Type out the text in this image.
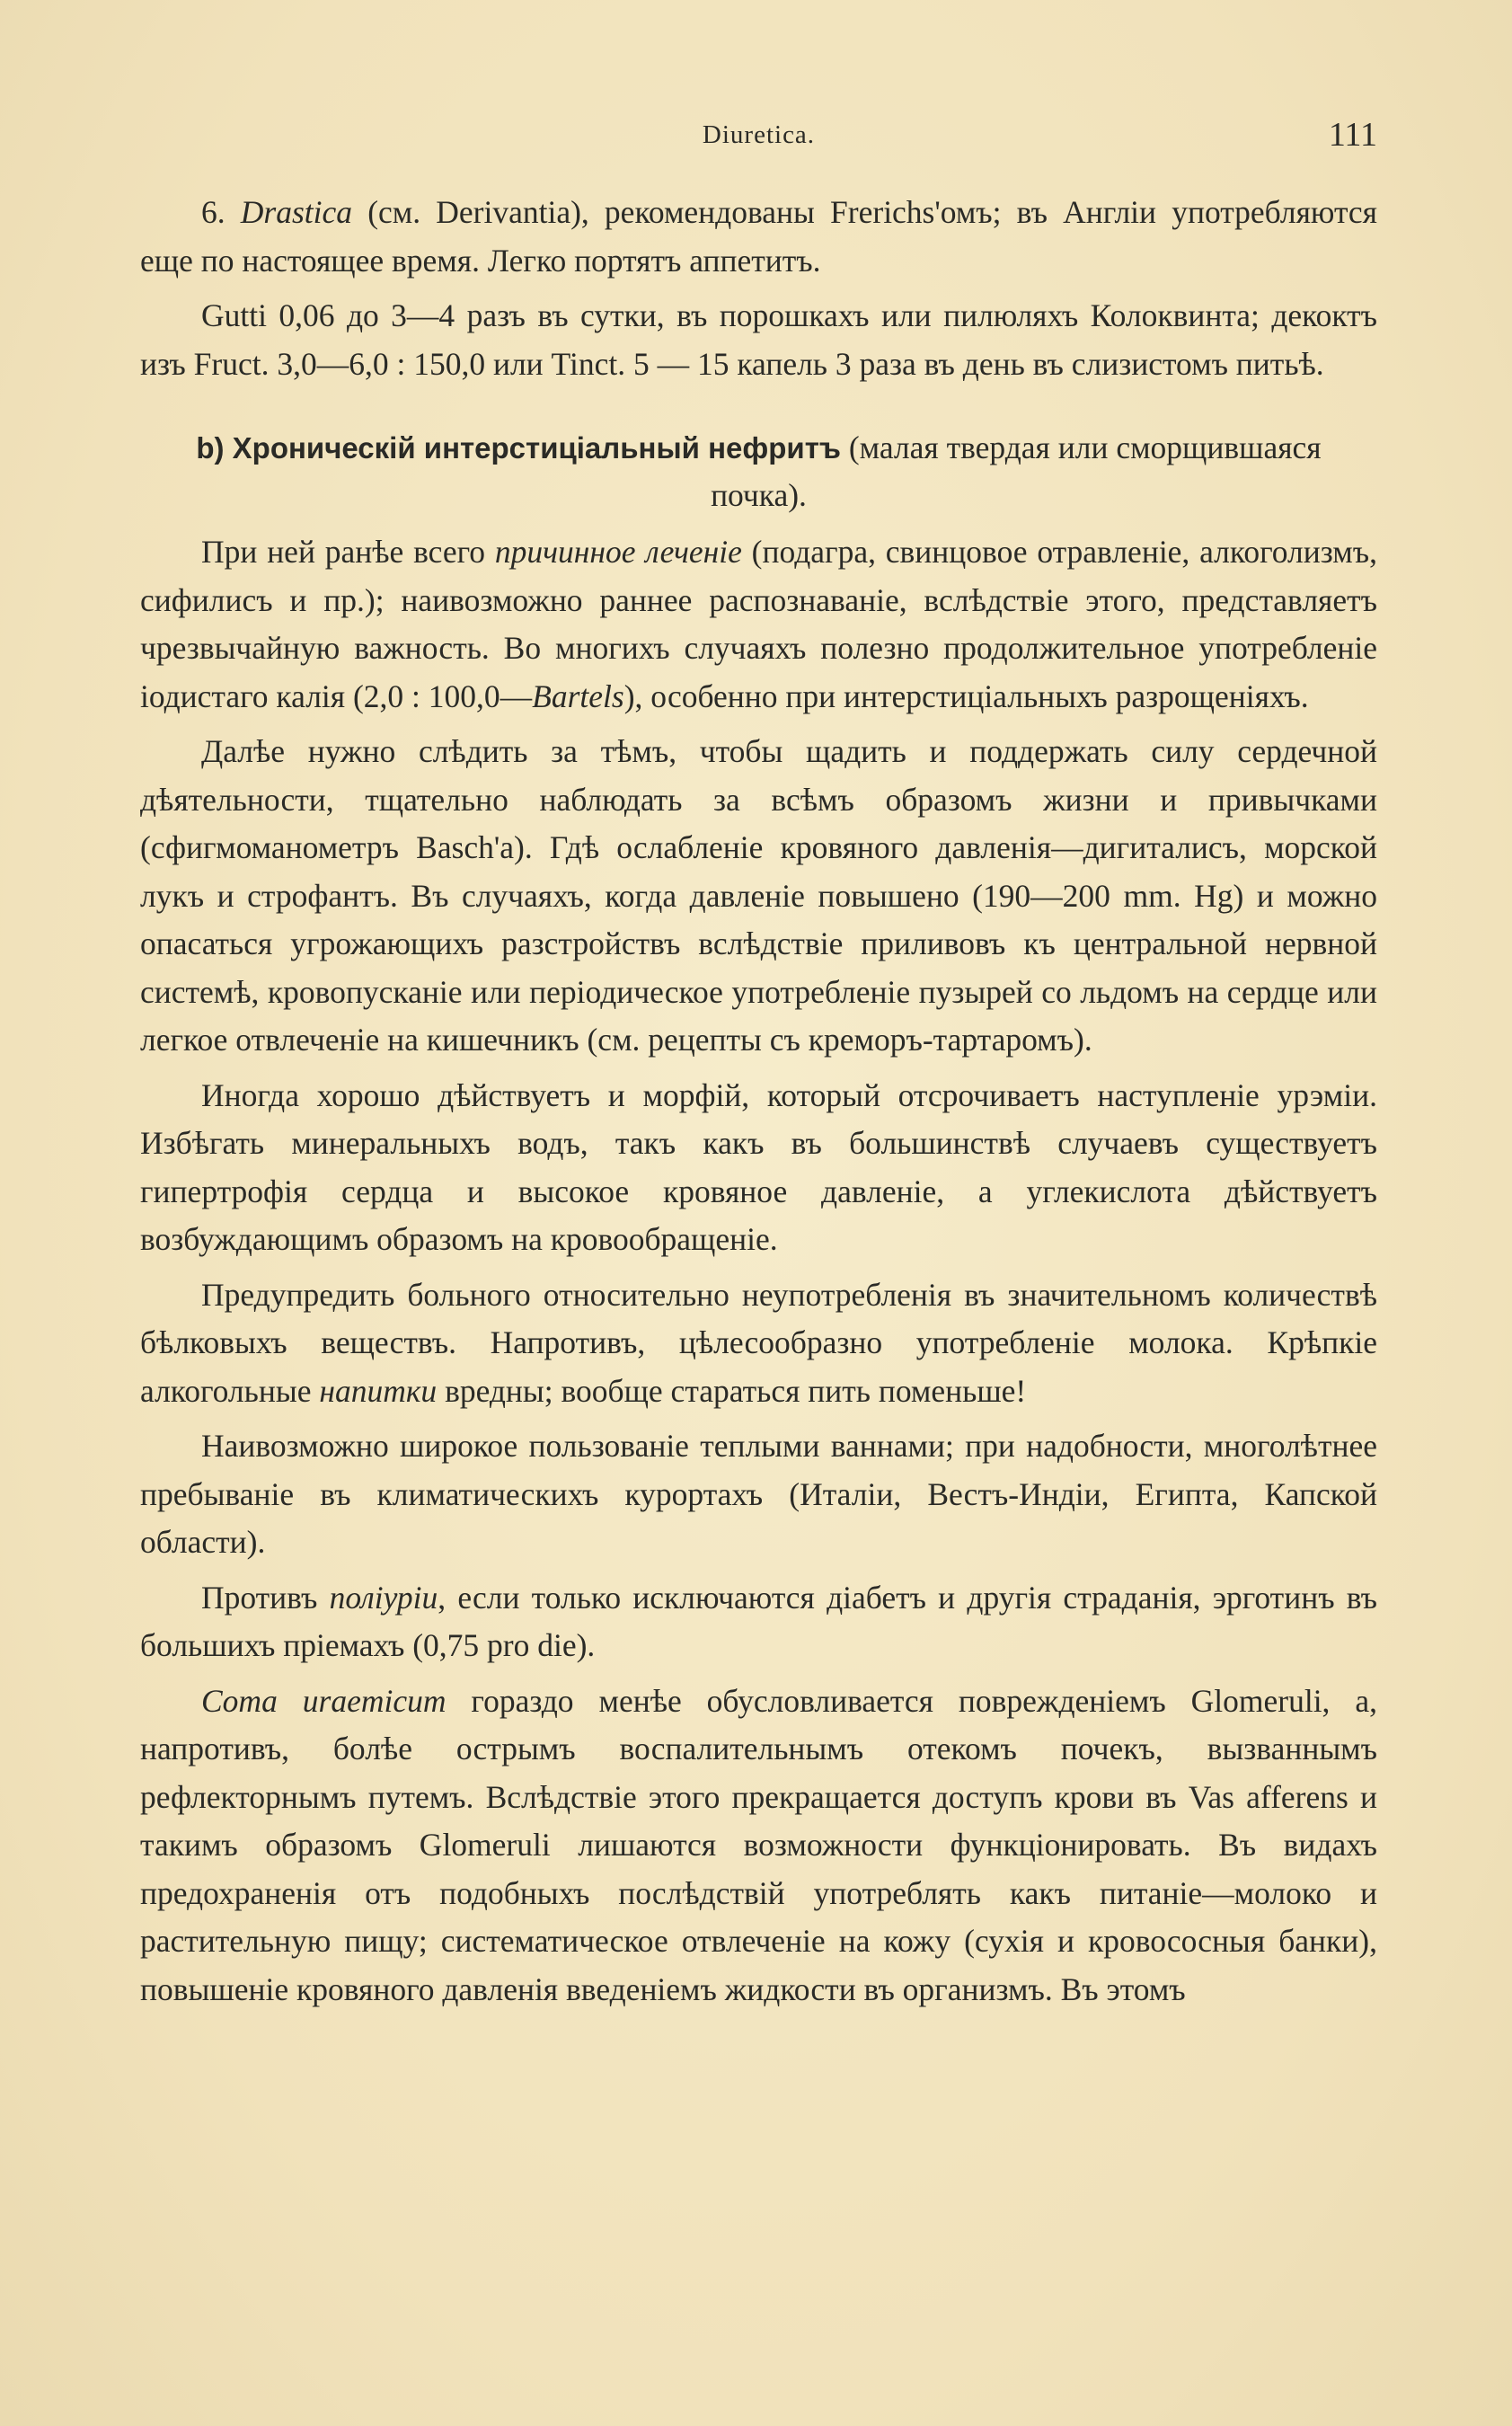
Diuretica.	111

6. Drastica (см. Derivantia), рекомендованы Frerichs'омъ; въ Англіи употребляются еще по настоящее время. Легко портятъ аппетитъ.

Gutti 0,06 до 3—4 разъ въ сутки, въ порошкахъ или пилюляхъ Колоквинта; декоктъ изъ Fruct. 3,0—6,0 : 150,0 или Tinct. 5 — 15 капель 3 раза въ день въ слизистомъ питьѣ.

b) Хроническій интерстиціальный нефритъ (малая твердая или сморщившаяся почка).

При ней ранѣе всего причинное леченіе (подагра, свинцовое отравленіе, алкоголизмъ, сифилисъ и пр.); наивозможно раннее распознаваніе, вслѣдствіе этого, представляетъ чрезвычайную важность. Во многихъ случаяхъ полезно продолжительное употребленіе іодистаго калія (2,0 : 100,0—Bartels), особенно при интерстиціальныхъ разрощеніяхъ.

Далѣе нужно слѣдить за тѣмъ, чтобы щадить и поддержать силу сердечной дѣятельности, тщательно наблюдать за всѣмъ образомъ жизни и привычками (сфигмоманометръ Basch'а). Гдѣ ослабленіе кровяного давленія—дигиталисъ, морской лукъ и строфантъ. Въ случаяхъ, когда давленіе повышено (190—200 mm. Hg) и можно опасаться угрожающихъ разстройствъ вслѣдствіе приливовъ къ центральной нервной системѣ, кровопусканіе или періодическое употребленіе пузырей со льдомъ на сердце или легкое отвлеченіе на кишечникъ (см. рецепты съ креморъ-тартаромъ).

Иногда хорошо дѣйствуетъ и морфій, который отсрочиваетъ наступленіе урэміи. Избѣгать минеральныхъ водъ, такъ какъ въ большинствѣ случаевъ существуетъ гипертрофія сердца и высокое кровяное давленіе, а углекислота дѣйствуетъ возбуждающимъ образомъ на кровообращеніе.

Предупредить больного относительно неупотребленія въ значительномъ количествѣ бѣлковыхъ веществъ. Напротивъ, цѣлесообразно употребленіе молока. Крѣпкіе алкогольные напитки вредны; вообще стараться пить поменьше!

Наивозможно широкое пользованіе теплыми ваннами; при надобности, многолѣтнее пребываніе въ климатическихъ курортахъ (Италіи, Вестъ-Индіи, Египта, Капской области).

Противъ поліуріи, если только исключаются діабетъ и другія страданія, эрготинъ въ большихъ пріемахъ (0,75 pro die).

Coma uraemicum гораздо менѣе обусловливается поврежденіемъ Glomeruli, а, напротивъ, болѣе острымъ воспалительнымъ отекомъ почекъ, вызваннымъ рефлекторнымъ путемъ. Вслѣдствіе этого прекращается доступъ крови въ Vas afferens и такимъ образомъ Glomeruli лишаются возможности функціонировать. Въ видахъ предохраненія отъ подобныхъ послѣдствій употреблять какъ питаніе—молоко и растительную пищу; систематическое отвлеченіе на кожу (сухія и кровососныя банки), повышеніе кровяного давленія введеніемъ жидкости въ организмъ. Въ этомъ
